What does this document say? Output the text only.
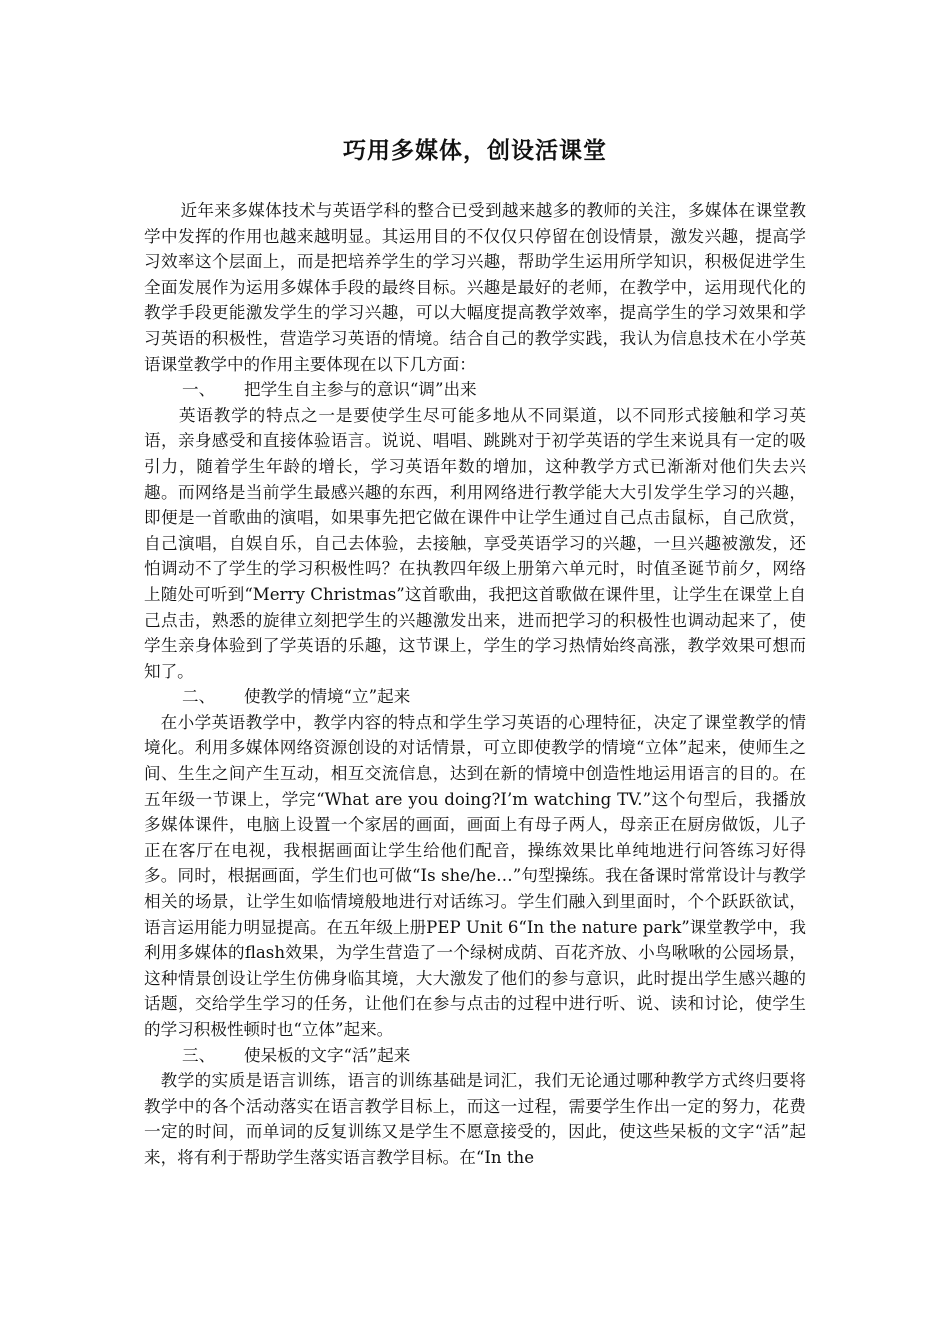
巧用多媒体，创设活课堂

近年来多媒体技术与英语学科的整合已受到越来越多的教师的关注，多媒体在课堂教学中发挥的作用也越来越明显。其运用目的不仅仅只停留在创设情景，激发兴趣，提高学习效率这个层面上，而是把培养学生的学习兴趣，帮助学生运用所学知识，积极促进学生全面发展作为运用多媒体手段的最终目标。兴趣是最好的老师，在教学中，运用现代化的教学手段更能激发学生的学习兴趣，可以大幅度提高教学效率，提高学生的学习效果和学习英语的积极性，营造学习英语的情境。结合自己的教学实践，我认为信息技术在小学英语课堂教学中的作用主要体现在以下几方面：

一、 把学生自主参与的意识“调”出来

英语教学的特点之一是要使学生尽可能多地从不同渠道，以不同形式接触和学习英语，亲身感受和直接体验语言。说说、唱唱、跳跳对于初学英语的学生来说具有一定的吸引力，随着学生年龄的增长，学习英语年数的增加，这种教学方式已渐渐对他们失去兴趣。而网络是当前学生最感兴趣的东西，利用网络进行教学能大大引发学生学习的兴趣，即便是一首歌曲的演唱，如果事先把它做在课件中让学生通过自己点击鼠标，自己欣赏，自己演唱，自娱自乐，自己去体验，去接触，享受英语学习的兴趣，一旦兴趣被激发，还怕调动不了学生的学习积极性吗？在执教四年级上册第六单元时，时值圣诞节前夕，网络上随处可听到“Merry Christmas”这首歌曲，我把这首歌做在课件里，让学生在课堂上自己点击，熟悉的旋律立刻把学生的兴趣激发出来，进而把学习的积极性也调动起来了，使学生亲身体验到了学英语的乐趣，这节课上，学生的学习热情始终高涨，教学效果可想而知了。

二、 使教学的情境“立”起来

在小学英语教学中，教学内容的特点和学生学习英语的心理特征，决定了课堂教学的情境化。利用多媒体网络资源创设的对话情景，可立即使教学的情境“立体”起来，使师生之间、生生之间产生互动，相互交流信息，达到在新的情境中创造性地运用语言的目的。在五年级一节课上，学完“What are you doing?I’m watching TV.”这个句型后，我播放多媒体课件，电脑上设置一个家居的画面，画面上有母子两人，母亲正在厨房做饭，儿子正在客厅在电视，我根据画面让学生给他们配音，操练效果比单纯地进行问答练习好得多。同时，根据画面，学生们也可做“Is she/he…”句型操练。我在备课时常常设计与教学相关的场景，让学生如临情境般地进行对话练习。学生们融入到里面时，个个跃跃欲试，语言运用能力明显提高。在五年级上册PEP Unit 6“In the nature park”课堂教学中，我利用多媒体的flash效果，为学生营造了一个绿树成荫、百花齐放、小鸟啾啾的公园场景，这种情景创设让学生仿佛身临其境，大大激发了他们的参与意识，此时提出学生感兴趣的话题，交给学生学习的任务，让他们在参与点击的过程中进行听、说、读和讨论，使学生的学习积极性顿时也“立体”起来。

三、 使呆板的文字“活”起来

教学的实质是语言训练，语言的训练基础是词汇，我们无论通过哪种教学方式终归要将教学中的各个活动落实在语言教学目标上，而这一过程，需要学生作出一定的努力，花费一定的时间，而单词的反复训练又是学生不愿意接受的，因此，使这些呆板的文字“活”起来，将有利于帮助学生落实语言教学目标。在“In the
